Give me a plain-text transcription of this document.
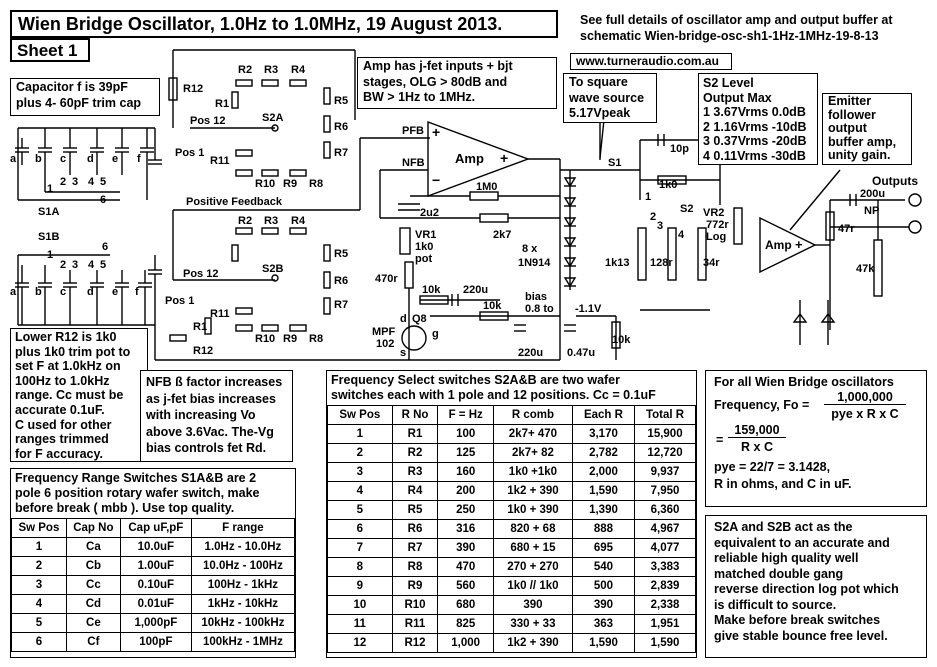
R12
R1
R2 R3 R4
R5
R6
R7
R8
R9
R10
R11
Pos 12
Pos 1
S2A
R2 R3 R4
R5
R6
R7
R8
R9
R10
R11
R1
R12
Pos 12
Pos 1
S2B
Positive Feedback
S1A
S1B
a b c d e f
a b c d e f
1
2 3 4 5
6
6
1
2 3 4 5
PFB
NFB Amp
+
+
−	1M0
2u2
2k7
VR1
1k0
pot
470r
10k 220u
10k
bias
0.8 to -1.1V
Q8
MPF
102
d
g
s	220u 0.47u
10k
8 x
1N914
S1
10p
1k0
S2
1
2
3
4
1k13 128r	34r
VR2
772r
Log
Amp +
Outputs
200u
NP
47r
47k
Wien Bridge Oscillator, 1.0Hz to 1.0MHz, 19 August 2013.
Sheet 1
See full details of oscillator amp and output buffer at
schematic Wien-bridge-osc-sh1-1Hz-1MHz-19-8-13
www.turneraudio.com.au
Capacitor f is 39pF
plus 4- 60pF trim cap
Amp has j-fet inputs + bjt
stages, OLG > 80dB and
BW > 1Hz to 1MHz.
To square
wave source
5.17Vpeak
S2 Level
Output Max
1 3.67Vrms 0.0dB
2 1.16Vrms -10dB
3 0.37Vrms -20dB
4 0.11Vrms -30dB
Emitter
follower
output
buffer amp,
unity gain.
Lower R12 is 1k0
plus 1k0 trim pot to
set F at 1.0kHz on
100Hz to 1.0kHz
range. Cc must be
accurate 0.1uF.
C used for other
ranges trimmed
for F accuracy.
NFB ß factor increases
as j-fet bias increases
with increasing Vo
above 3.6Vac. The-Vg
bias controls fet Rd.
Frequency Range Switches S1A&B are 2
pole 6 position rotary wafer switch, make
before break ( mbb ). Use top quality.
Sw Pos	Cap No	Cap uF,pF	F range
1	Ca	10.0uF	1.0Hz - 10.0Hz
2	Cb	1.00uF	10.0Hz - 100Hz
3	Cc	0.10uF	100Hz - 1kHz
4	Cd	0.01uF	1kHz - 10kHz
5	Ce	1,000pF	10kHz - 100kHz
6	Cf	100pF	100kHz - 1MHz
Frequency Select switches S2A&B are two wafer
switches each with 1 pole and 12 positions. Cc = 0.1uF
Sw Pos	R No	F = Hz	R comb	Each R	Total R
1	R1	100	2k7+ 470	3,170	15,900
2	R2	125	2k7+ 82	2,782	12,720
3	R3	160	1k0 +1k0	2,000	9,937
4	R4	200	1k2 + 390	1,590	7,950
5	R5	250	1k0 + 390	1,390	6,360
6	R6	316	820 + 68	888	4,967
7	R7	390	680 + 15	695	4,077
8	R8	470	270 + 270	540	3,383
9	R9	560	1k0 // 1k0	500	2,839
10	R10	680	390	390	2,338
11	R11	825	330 + 33	363	1,951
12	R12	1,000	1k2 + 390	1,590	1,590
For all Wien Bridge oscillators
Frequency, Fo =
1,000,000
pye x R x C
=
159,000
R x C
pye = 22/7 = 3.1428,
R in ohms, and C in uF.
S2A and S2B act as the
equivalent to an accurate and
reliable high quality well
matched double gang
reverse direction log pot which
is difficult to source.
Make before break switches
give stable bounce free level.
